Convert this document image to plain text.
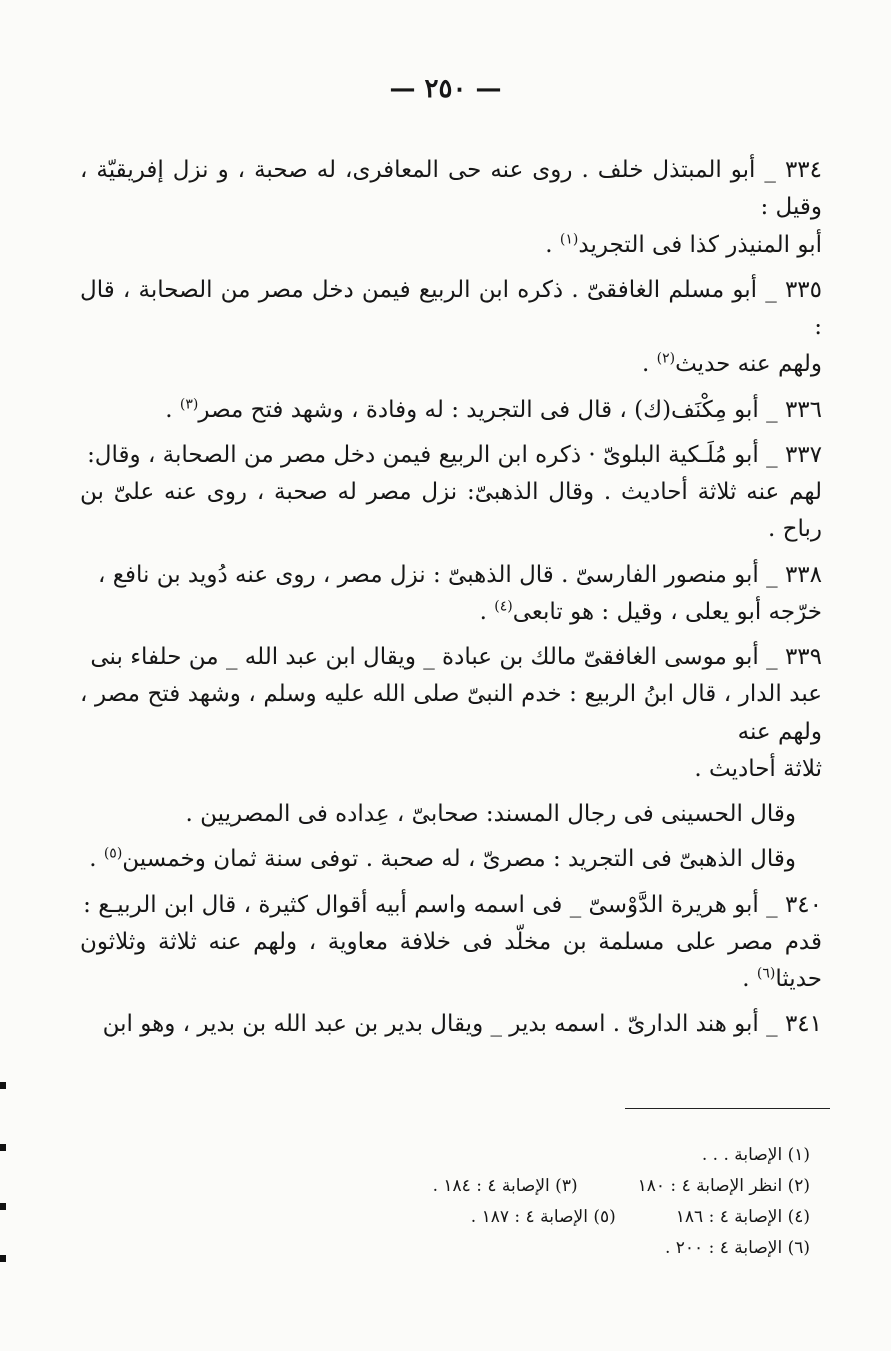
— ٢٥٠ —

٣٣٤ _ أبو المبتذل خلف . روى عنه حى المعافرى، له صحبة ، و نزل إفريقيّة ، وقيل :

أبو المنيذر كذا فى التجريد$^{(١)}$ .

٣٣٥ _ أبو مسلم الغافقىّ . ذكره ابن الربيع فيمن دخل مصر من الصحابة ، قال :

ولهم عنه حديث$^{(٢)}$ .

٣٣٦ _ أبو مِكْنَف(ك) ، قال فى التجريد : له وفادة ، وشهد فتح مصر$^{(٣)}$ .

٣٣٧ _ أبو مُلَـكية البلوىّ · ذكره ابن الربيع فيمن دخل مصر من الصحابة ، وقال:

لهم عنه ثلاثة أحاديث . وقال الذهبىّ: نزل مصر له صحبة ، روى عنه علىّ بن رباح .

٣٣٨ _ أبو منصور الفارسىّ . قال الذهبىّ : نزل مصر ، روى عنه دُويد بن نافع ،

خرّجه أبو يعلى ، وقيل : هو تابعى$^{(٤)}$ .

٣٣٩ _ أبو موسى الغافقىّ مالك بن عبادة _ ويقال ابن عبد الله _ من حلفاء بنى

عبد الدار ، قال ابنُ الربيع : خدم النبىّ صلى الله عليه وسلم ، وشهد فتح مصر ، ولهم عنه

ثلاثة أحاديث .

وقال الحسينى فى رجال المسند: صحابىّ ، عِداده فى المصريين .

وقال الذهبىّ فى التجريد : مصرىّ ، له صحبة . توفى سنة ثمان وخمسين$^{(٥)}$ .

٣٤٠ _ أبو هريرة الدَّوْسىّ _ فى اسمه واسم أبيه أقوال كثيرة ، قال ابن الربيـع :

قدم مصر على مسلمة بن مخلّد فى خلافة معاوية ، ولهم عنه ثلاثة وثلاثون حديثا$^{(٦)}$ .

٣٤١ _ أبو هند الدارىّ . اسمه بدير _ ويقال بدير بن عبد الله بن بدير ، وهو ابن

(١) الإصابة . . .
(٢) انظر الإصابة ٤ : ١٨٠
(٣) الإصابة ٤ : ١٨٤ .
(٤) الإصابة ٤ : ١٨٦
(٥) الإصابة ٤ : ١٨٧ .
(٦) الإصابة ٤ : ٢٠٠ .
